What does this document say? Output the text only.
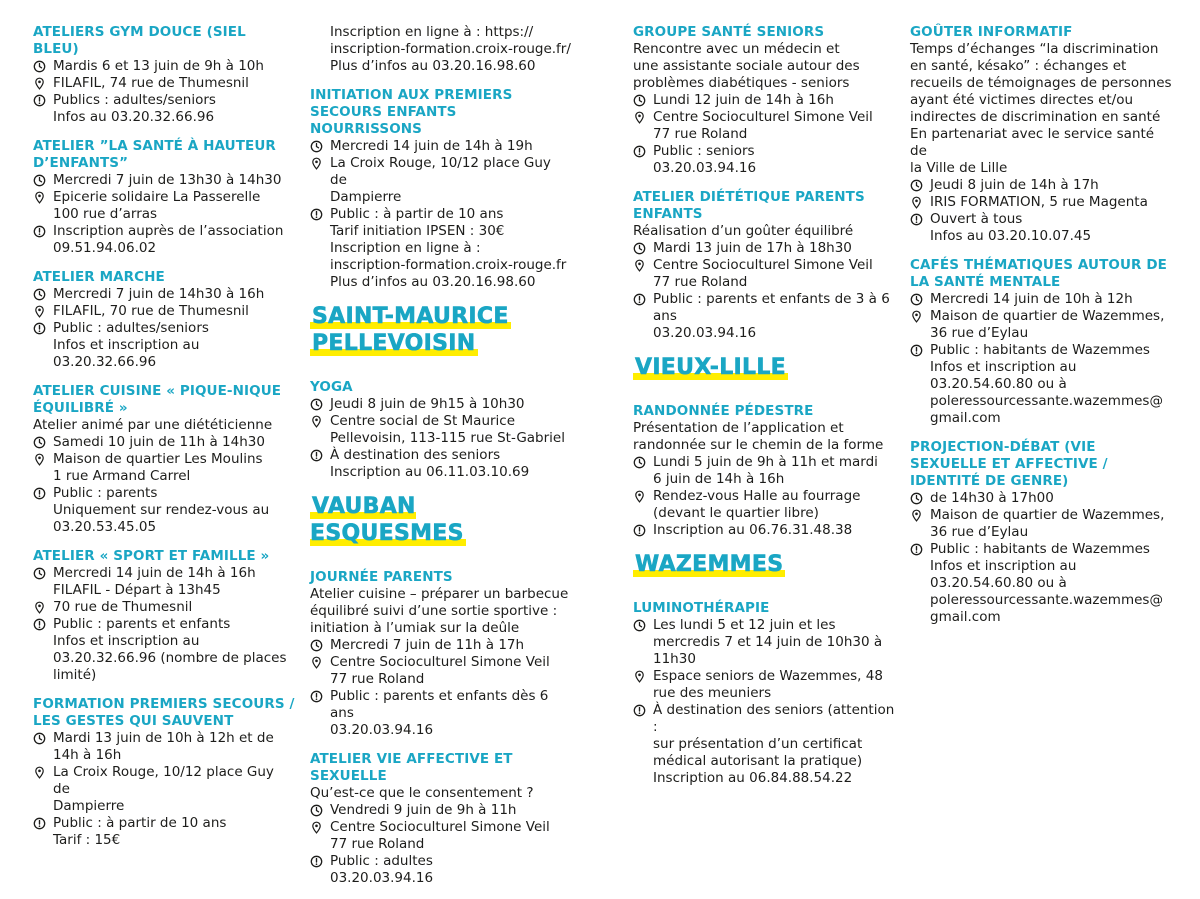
ATELIERS GYM DOUCE (SIEL BLEU)
Mardis 6 et 13 juin de 9h à 10h
FILAFIL, 74 rue de Thumesnil
Publics : adultes/seniors
Infos au 03.20.32.66.96
ATELIER ”LA SANTÉ À HAUTEUR D’ENFANTS”
Mercredi 7 juin de 13h30 à 14h30
Epicerie solidaire La Passerelle
100 rue d’arras
Inscription auprès de l’association
09.51.94.06.02
ATELIER MARCHE
Mercredi 7 juin de 14h30 à 16h
FILAFIL, 70 rue de Thumesnil
Public : adultes/seniors
Infos et inscription au
03.20.32.66.96
ATELIER CUISINE « PIQUE-NIQUE ÉQUILIBRÉ »
Atelier animé par une diététicienne
Samedi 10 juin de 11h à 14h30
Maison de quartier Les Moulins
1 rue Armand Carrel
Public : parents
Uniquement sur rendez-vous au
03.20.53.45.05
ATELIER « SPORT ET FAMILLE »
Mercredi 14 juin de 14h à 16h
FILAFIL - Départ à 13h45
70 rue de Thumesnil
Public : parents et enfants
Infos et inscription au
03.20.32.66.96 (nombre de places
limité)
FORMATION PREMIERS SECOURS / LES GESTES QUI SAUVENT
Mardi 13 juin de 10h à 12h et de
14h à 16h
La Croix Rouge, 10/12 place Guy de
Dampierre
Public : à partir de 10 ans
Tarif : 15€
Inscription en ligne à : https://
inscription-formation.croix-rouge.fr/
Plus d’infos au 03.20.16.98.60
INITIATION AUX PREMIERS SECOURS ENFANTS NOURRISSONS
Mercredi 14 juin de 14h à 19h
La Croix Rouge, 10/12 place Guy de
Dampierre
Public : à partir de 10 ans
Tarif initiation IPSEN : 30€
Inscription en ligne à :
inscription-formation.croix-rouge.fr
Plus d’infos au 03.20.16.98.60
SAINT-MAURICE
PELLEVOISIN
YOGA
Jeudi 8 juin de 9h15 à 10h30
Centre social de St Maurice
Pellevoisin, 113-115 rue St-Gabriel
À destination des seniors
Inscription au 06.11.03.10.69
VAUBAN ESQUESMES
JOURNÉE PARENTS
Atelier cuisine – préparer un barbecue
équilibré suivi d’une sortie sportive :
initiation à l’umiak sur la deûle
Mercredi 7 juin de 11h à 17h
Centre Socioculturel Simone Veil
77 rue Roland
Public : parents et enfants dès 6 ans
03.20.03.94.16
ATELIER VIE AFFECTIVE ET SEXUELLE
Qu’est-ce que le consentement ?
Vendredi 9 juin de 9h à 11h
Centre Socioculturel Simone Veil
77 rue Roland
Public : adultes
03.20.03.94.16
GROUPE SANTÉ SENIORS
Rencontre avec un médecin et
une assistante sociale autour des
problèmes diabétiques - seniors
Lundi 12 juin de 14h à 16h
Centre Socioculturel Simone Veil
77 rue Roland
Public : seniors
03.20.03.94.16
ATELIER DIÉTÉTIQUE PARENTS ENFANTS
Réalisation d’un goûter équilibré
Mardi 13 juin de 17h à 18h30
Centre Socioculturel Simone Veil
77 rue Roland
Public : parents et enfants de 3 à 6 ans
03.20.03.94.16
VIEUX-LILLE
RANDONNÉE PÉDESTRE
Présentation de l’application et
randonnée sur le chemin de la forme
Lundi 5 juin de 9h à 11h et mardi
6 juin de 14h à 16h
Rendez-vous Halle au fourrage
(devant le quartier libre)
Inscription au 06.76.31.48.38
WAZEMMES
LUMINOTHÉRAPIE
Les lundi 5 et 12 juin et les
mercredis 7 et 14 juin de 10h30 à
11h30
Espace seniors de Wazemmes, 48
rue des meuniers
À destination des seniors (attention :
sur présentation d’un certificat
médical autorisant la pratique)
Inscription au 06.84.88.54.22
GOÛTER INFORMATIF
Temps d’échanges “la discrimination
en santé, késako” : échanges et
recueils de témoignages de personnes
ayant été victimes directes et/ou
indirectes de discrimination en santé
En partenariat avec le service santé de
la Ville de Lille
Jeudi 8 juin de 14h à 17h
IRIS FORMATION, 5 rue Magenta
Ouvert à tous
Infos au 03.20.10.07.45
CAFÉS THÉMATIQUES AUTOUR DE LA SANTÉ MENTALE
Mercredi 14 juin de 10h à 12h
Maison de quartier de Wazemmes,
36 rue d’Eylau
Public : habitants de Wazemmes
Infos et inscription au
03.20.54.60.80 ou à
poleressourcessante.wazemmes@
gmail.com
PROJECTION-DÉBAT (VIE SEXUELLE ET AFFECTIVE / IDENTITÉ DE GENRE)
de 14h30 à 17h00
Maison de quartier de Wazemmes,
36 rue d’Eylau
Public : habitants de Wazemmes
Infos et inscription au
03.20.54.60.80 ou à
poleressourcessante.wazemmes@
gmail.com
